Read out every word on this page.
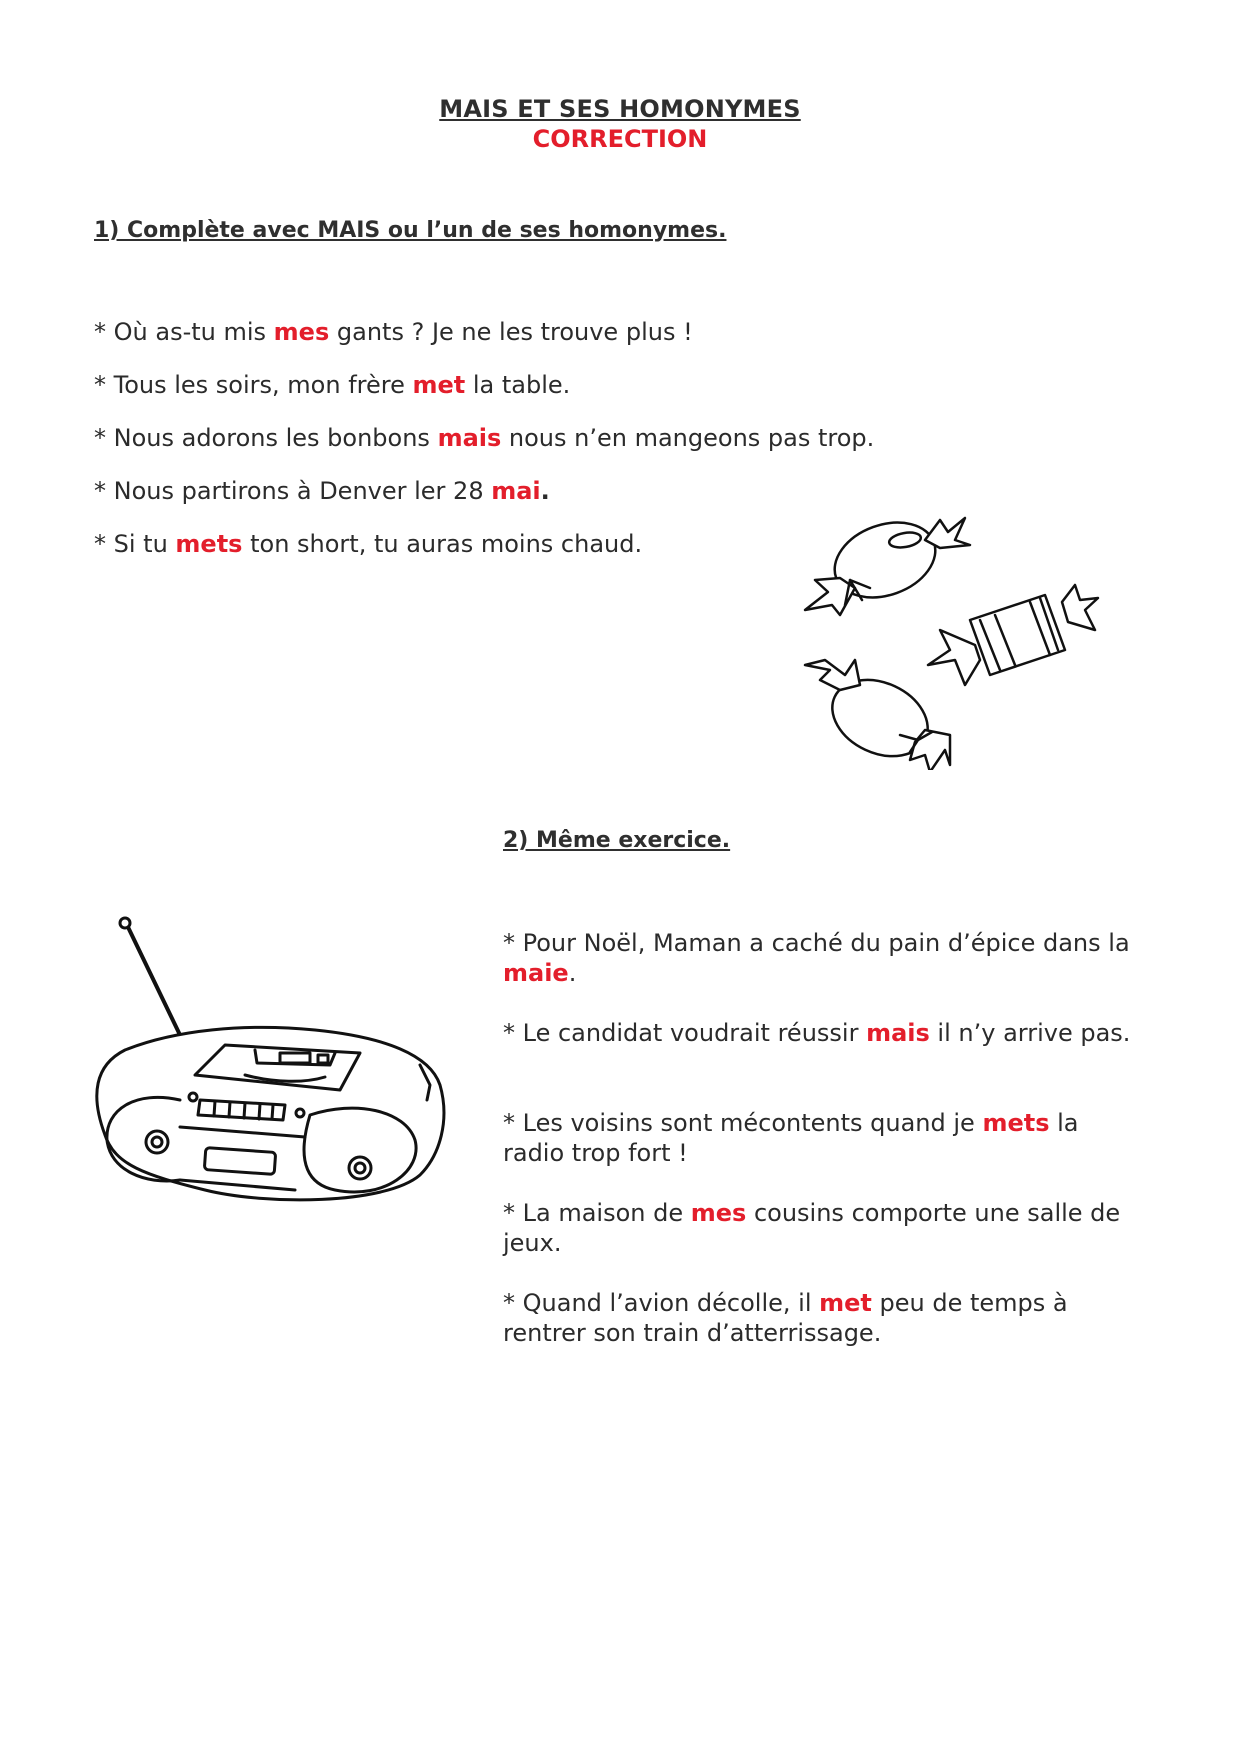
MAIS ET SES HOMONYMES
CORRECTION
1) Complète avec MAIS ou l’un de ses homonymes.
* Où as-tu mis mes gants ? Je ne les trouve plus !
* Tous les soirs, mon frère met la table.
* Nous adorons les bonbons mais nous n’en mangeons pas trop.
* Nous partirons à Denver ler 28 mai.
* Si tu mets ton short, tu auras moins chaud.
2) Même exercice.
* Pour Noël, Maman a caché du pain d’épice dans la maie.
* Le candidat voudrait réussir mais il n’y arrive pas.
* Les voisins sont mécontents quand je mets la radio trop fort !
* La maison de mes cousins comporte une salle de jeux.
* Quand l’avion décolle, il met peu de temps à rentrer son train d’atterrissage.
